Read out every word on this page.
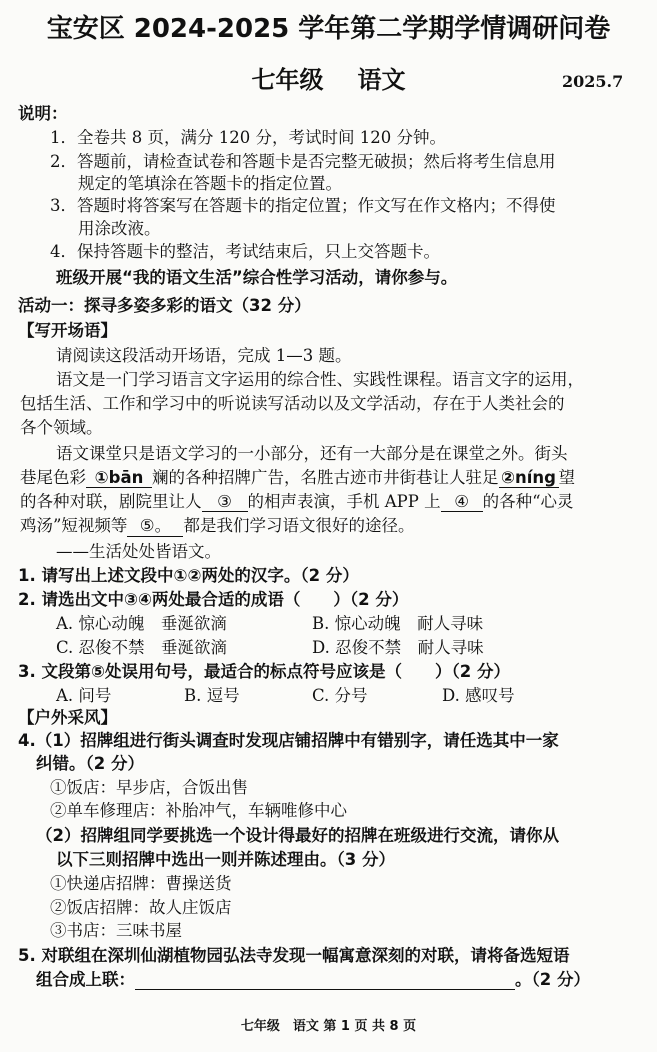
宝安区 2024-2025 学年第二学期学情调研问卷
七年级 语文	2025.7
说明：
1．全卷共 8 页，满分 120 分，考试时间 120 分钟。
2．答题前，请检查试卷和答题卡是否完整无破损；然后将考生信息用
规定的笔填涂在答题卡的指定位置。
3．答题时将答案写在答题卡的指定位置；作文写在作文格内；不得使
用涂改液。
4．保持答题卡的整洁，考试结束后，只上交答题卡。
班级开展“我的语文生活”综合性学习活动，请你参与。
活动一：探寻多姿多彩的语文（32 分）
【写开场语】
请阅读这段活动开场语，完成 1—3 题。
语文是一门学习语言文字运用的综合性、实践性课程。语言文字的运用，
包括生活、工作和学习中的听说读写活动以及文学活动，存在于人类社会的
各个领域。
语文课堂只是语文学习的一小部分，还有一大部分是在课堂之外。街头
巷尾色彩 ①bān 斓的各种招牌广告，名胜古迹市井街巷让人驻足 ②níng 望
的各种对联，剧院里让人 ③ 的相声表演，手机 APP 上 ④ 的各种“心灵
鸡汤”短视频等 ⑤。 都是我们学习语文很好的途径。
——生活处处皆语文。
1. 请写出上述文段中①②两处的汉字。（2 分）
2. 请选出文中③④两处最合适的成语（　　）（2 分）
A. 惊心动魄　垂涎欲滴	B. 惊心动魄　耐人寻味
C. 忍俊不禁　垂涎欲滴	D. 忍俊不禁　耐人寻味
3. 文段第⑤处误用句号，最适合的标点符号应该是（　　）（2 分）
A. 问号	B. 逗号	C. 分号	D. 感叹号
【户外采风】
4.（1）招牌组进行街头调查时发现店铺招牌中有错别字，请任选其中一家
纠错。（2 分）
①饭店：早步店，合饭出售
②单车修理店：补胎冲气，车辆唯修中心
（2）招牌组同学要挑选一个设计得最好的招牌在班级进行交流，请你从
以下三则招牌中选出一则并陈述理由。（3 分）
①快递店招牌：曹操送货
②饭店招牌：故人庄饭店
③书店：三味书屋
5. 对联组在深圳仙湖植物园弘法寺发现一幅寓意深刻的对联，请将备选短语
组合成上联：	。（2 分）
七年级　语文 第 1 页 共 8 页
